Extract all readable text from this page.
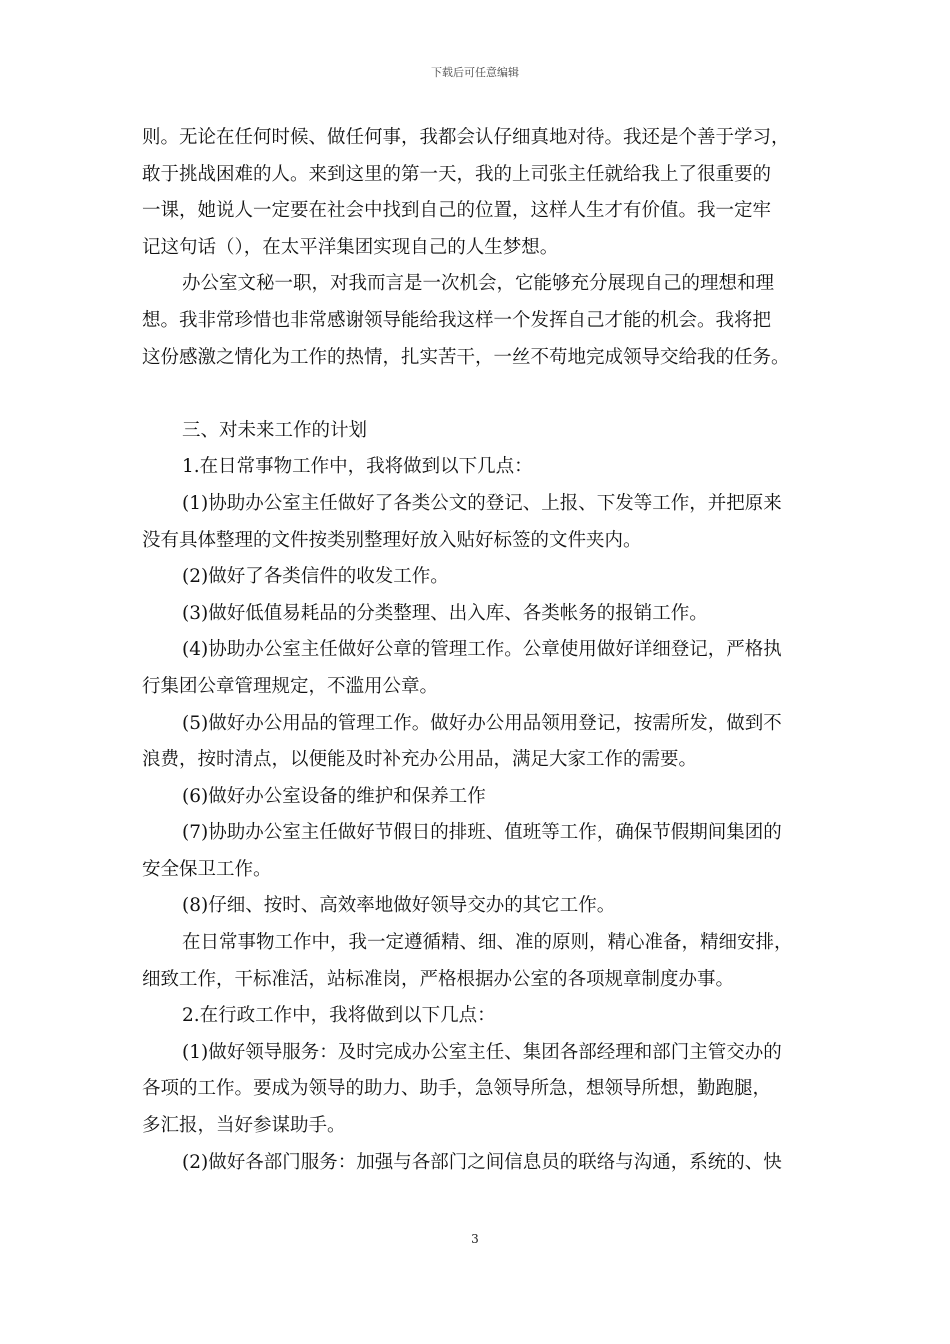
下载后可任意编辑
则。无论在任何时候、做任何事，我都会认仔细真地对待。我还是个善于学习，
敢于挑战困难的人。来到这里的第一天，我的上司张主任就给我上了很重要的
一课，她说人一定要在社会中找到自己的位置，这样人生才有价值。我一定牢
记这句话（），在太平洋集团实现自己的人生梦想。
办公室文秘一职，对我而言是一次机会，它能够充分展现自己的理想和理
想。我非常珍惜也非常感谢领导能给我这样一个发挥自己才能的机会。我将把
这份感激之情化为工作的热情，扎实苦干，一丝不苟地完成领导交给我的任务。
三、对未来工作的计划
1.在日常事物工作中，我将做到以下几点：
(1)协助办公室主任做好了各类公文的登记、上报、下发等工作，并把原来
没有具体整理的文件按类别整理好放入贴好标签的文件夹内。
(2)做好了各类信件的收发工作。
(3)做好低值易耗品的分类整理、出入库、各类帐务的报销工作。
(4)协助办公室主任做好公章的管理工作。公章使用做好详细登记，严格执
行集团公章管理规定，不滥用公章。
(5)做好办公用品的管理工作。做好办公用品领用登记，按需所发，做到不
浪费，按时清点，以便能及时补充办公用品，满足大家工作的需要。
(6)做好办公室设备的维护和保养工作
(7)协助办公室主任做好节假日的排班、值班等工作，确保节假期间集团的
安全保卫工作。
(8)仔细、按时、高效率地做好领导交办的其它工作。
在日常事物工作中，我一定遵循精、细、准的原则，精心准备，精细安排，
细致工作，干标准活，站标准岗，严格根据办公室的各项规章制度办事。
2.在行政工作中，我将做到以下几点：
(1)做好领导服务：及时完成办公室主任、集团各部经理和部门主管交办的
各项的工作。要成为领导的助力、助手，急领导所急，想领导所想，勤跑腿，
多汇报，当好参谋助手。
(2)做好各部门服务：加强与各部门之间信息员的联络与沟通，系统的、快
3
